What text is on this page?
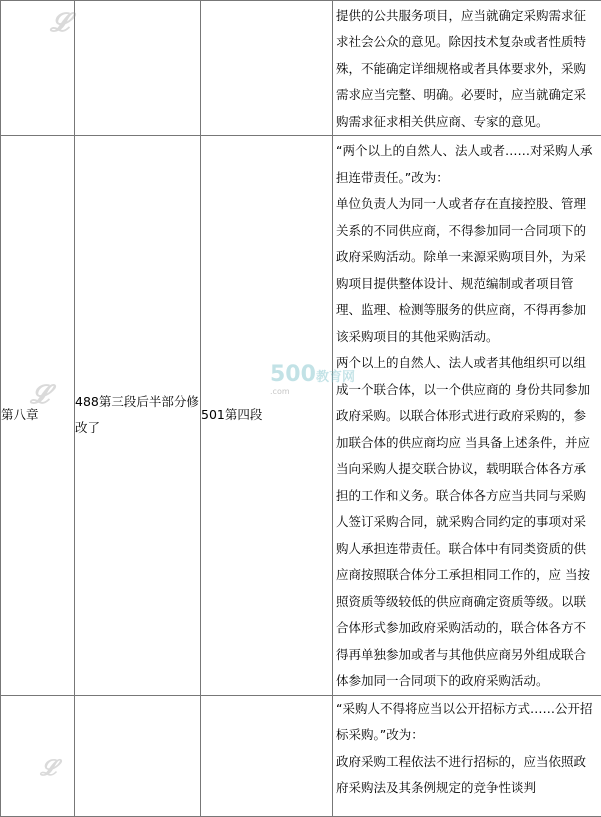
			提供的公共服务项目，应当就确定采购需求征求社会公众的意见。除因技术复杂或者性质特殊，不能确定详细规格或者具体要求外，采购需求应当完整、明确。必要时，应当就确定采购需求征求相关供应商、专家的意见。

第八章	488第三段后半部分修改了	501第四段	“两个以上的自然人、法人或者……对采购人承担连带责任。”改为：
单位负责人为同一人或者存在直接控股、管理关系的不同供应商，不得参加同一合同项下的政府采购活动。除单一来源采购项目外，为采购项目提供整体设计、规范编制或者项目管理、监理、检测等服务的供应商，不得再参加该采购项目的其他采购活动。
两个以上的自然人、法人或者其他组织可以组成一个联合体，以一个供应商的 身份共同参加政府采购。以联合体形式进行政府采购的，参加联合体的供应商均应 当具备上述条件，并应当向采购人提交联合协议，载明联合体各方承担的工作和义务。联合体各方应当共同与采购人签订采购合同，就采购合同约定的事项对采购人承担连带责任。联合体中有同类资质的供应商按照联合体分工承担相同工作的，应 当按照资质等级较低的供应商确定资质等级。以联合体形式参加政府采购活动的，联合体各方不得再单独参加或者与其他供应商另外组成联合体参加同一合同项下的政府采购活动。

			“采购人不得将应当以公开招标方式……公开招标采购。”改为：
政府采购工程依法不进行招标的，应当依照政府采购法及其条例规定的竞争性谈判
𝓛
𝓛
𝓛
500教育网
.com
